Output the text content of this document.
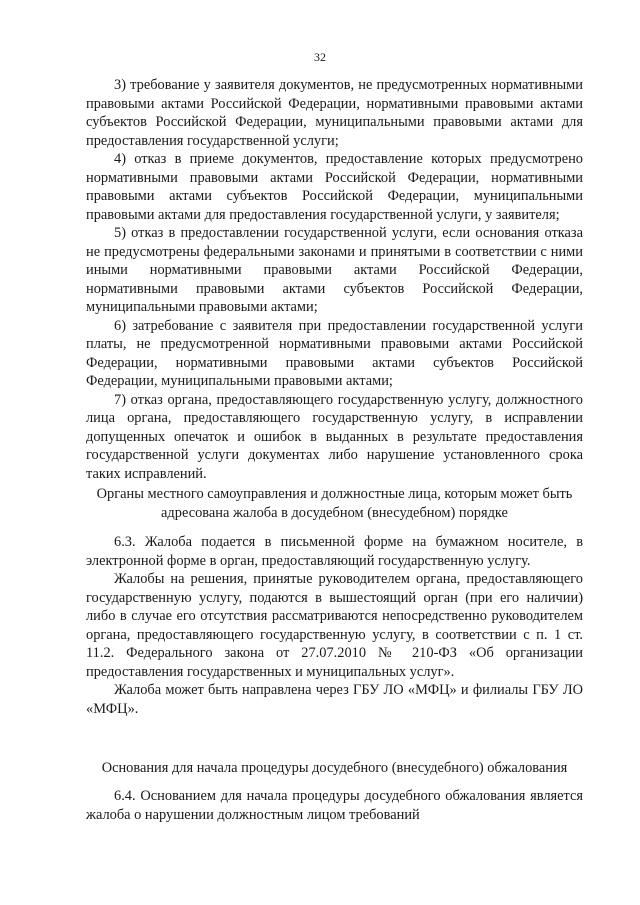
32

3) требование у заявителя документов, не предусмотренных нормативными правовыми актами Российской Федерации, нормативными правовыми актами субъектов Российской Федерации, муниципальными правовыми актами для предоставления государственной услуги;

4) отказ в приеме документов, предоставление которых предусмотрено нормативными правовыми актами Российской Федерации, нормативными правовыми актами субъектов Российской Федерации, муниципальными правовыми актами для предоставления государственной услуги, у заявителя;

5) отказ в предоставлении государственной услуги, если основания отказа не предусмотрены федеральными законами и принятыми в соответствии с ними иными нормативными правовыми актами Российской Федерации, нормативными правовыми актами субъектов Российской Федерации, муниципальными правовыми актами;

6) затребование с заявителя при предоставлении государственной услуги платы, не предусмотренной нормативными правовыми актами Российской Федерации, нормативными правовыми актами субъектов Российской Федерации, муниципальными правовыми актами;

7) отказ органа, предоставляющего государственную услугу, должностного лица органа, предоставляющего государственную услугу, в исправлении допущенных опечаток и ошибок в выданных в результате предоставления государственной услуги документах либо нарушение установленного срока таких исправлений.

Органы местного самоуправления и должностные лица, которым может быть адресована жалоба в досудебном (внесудебном) порядке

6.3. Жалоба подается в письменной форме на бумажном носителе, в электронной форме в орган, предоставляющий государственную услугу.

Жалобы на решения, принятые руководителем органа, предоставляющего государственную услугу, подаются в вышестоящий орган (при его наличии) либо в случае его отсутствия рассматриваются непосредственно руководителем органа, предоставляющего государственную услугу, в соответствии с п. 1 ст. 11.2. Федерального закона от 27.07.2010 № 210-ФЗ «Об организации предоставления государственных и муниципальных услуг».

Жалоба может быть направлена через ГБУ ЛО «МФЦ» и филиалы ГБУ ЛО «МФЦ».

Основания для начала процедуры досудебного (внесудебного) обжалования

6.4. Основанием для начала процедуры досудебного обжалования является жалоба о нарушении должностным лицом требований
